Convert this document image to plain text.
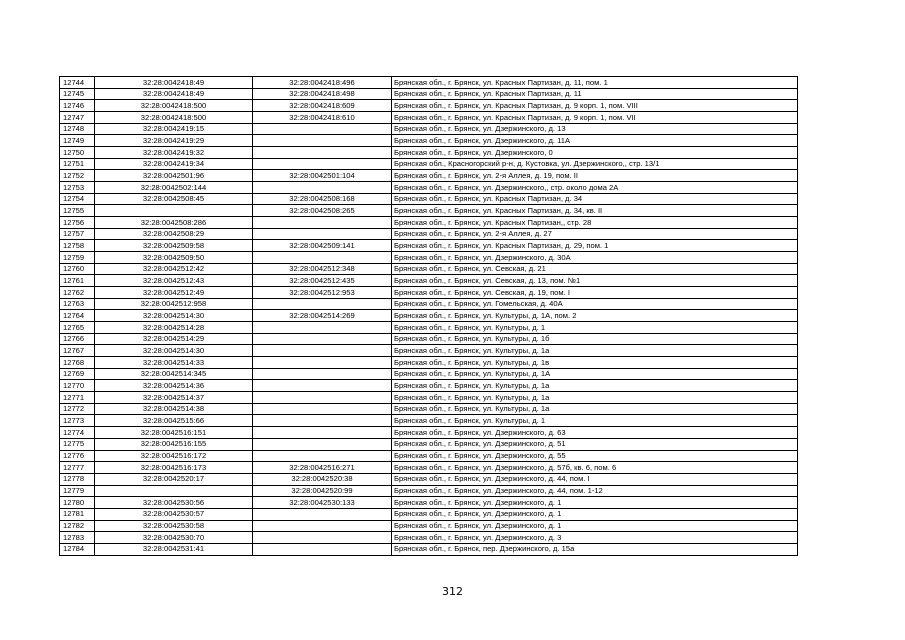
12744	32:28:0042418:49	32:28:0042418:496	Брянская обл., г. Брянск, ул. Красных Партизан, д. 11, пом. 1
12745	32:28:0042418:49	32:28:0042418:498	Брянская обл., г. Брянск, ул. Красных Партизан, д. 11
12746	32:28:0042418:500	32:28:0042418:609	Брянская обл., г. Брянск, ул. Красных Партизан, д. 9 корп. 1, пом. VIII
12747	32:28:0042418:500	32:28:0042418:610	Брянская обл., г. Брянск, ул. Красных Партизан, д. 9 корп. 1, пом. VII
12748	32:28:0042419:15		Брянская обл., г. Брянск, ул. Дзержинского, д. 13
12749	32:28:0042419:29		Брянская обл., г. Брянск, ул. Дзержинского, д. 11А
12750	32:28:0042419:32		Брянская обл., г. Брянск, ул. Дзержинского, 0
12751	32:28:0042419:34		Брянская обл., Красногорский р-н, д. Кустовка, ул. Дзержинского,, стр. 13/1
12752	32:28:0042501:96	32:28:0042501:104	Брянская обл., г. Брянск, ул. 2-я Аллея, д. 19, пом. II
12753	32:28:0042502:144		Брянская обл., г. Брянск, ул. Дзержинского,, стр. около дома 2А
12754	32:28:0042508:45	32:28:0042508:168	Брянская обл., г. Брянск, ул. Красных Партизан, д. 34
12755		32:28:0042508:265	Брянская обл., г. Брянск, ул. Красных Партизан, д. 34, кв. II
12756	32:28:0042508:286		Брянская обл., г. Брянск, ул. Красных Партизан,, стр. 28
12757	32:28:0042508:29		Брянская обл., г. Брянск, ул. 2-я Аллея, д. 27
12758	32:28:0042509:58	32:28:0042509:141	Брянская обл., г. Брянск, ул. Красных Партизан, д. 29, пом. 1
12759	32:28:0042509:50		Брянская обл., г. Брянск, ул. Дзержинского, д. 30А
12760	32:28:0042512:42	32:28:0042512:348	Брянская обл., г. Брянск, ул. Севская, д. 21
12761	32:28:0042512:43	32:28:0042512:435	Брянская обл., г. Брянск, ул. Севская, д. 13, пом. №1
12762	32:28:0042512:49	32:28:0042512:953	Брянская обл., г. Брянск, ул. Севская, д. 19, пом. I
12763	32:28:0042512:958		Брянская обл., г. Брянск, ул. Гомельская, д. 40А
12764	32:28:0042514:30	32:28:0042514:269	Брянская обл., г. Брянск, ул. Культуры, д. 1А, пом. 2
12765	32:28:0042514:28		Брянская обл., г. Брянск, ул. Культуры, д. 1
12766	32:28:0042514:29		Брянская обл., г. Брянск, ул. Культуры, д. 1б
12767	32:28:0042514:30		Брянская обл., г. Брянск, ул. Культуры, д. 1а
12768	32:28:0042514:33		Брянская обл., г. Брянск, ул. Культуры, д. 1в
12769	32:28:0042514:345		Брянская обл., г. Брянск, ул. Культуры, д. 1А
12770	32:28:0042514:36		Брянская обл., г. Брянск, ул. Культуры, д. 1а
12771	32:28:0042514:37		Брянская обл., г. Брянск, ул. Культуры, д. 1а
12772	32:28:0042514:38		Брянская обл., г. Брянск, ул. Культуры, д. 1а
12773	32:28:0042515:66		Брянская обл., г. Брянск, ул. Культуры, д. 1
12774	32:28:0042516:151		Брянская обл., г. Брянск, ул. Дзержинского, д. 63
12775	32:28:0042516:155		Брянская обл., г. Брянск, ул. Дзержинского, д. 51
12776	32:28:0042516:172		Брянская обл., г. Брянск, ул. Дзержинского, д. 55
12777	32:28:0042516:173	32:28:0042516:271	Брянская обл., г. Брянск, ул. Дзержинского, д. 57б, кв. 6, пом. 6
12778	32:28:0042520:17	32:28:0042520:38	Брянская обл., г. Брянск, ул. Дзержинского, д. 44, пом. I
12779		32:28:0042520:99	Брянская обл., г. Брянск, ул. Дзержинского, д. 44, пом. 1-12
12780	32:28:0042530:56	32:28:0042530:133	Брянская обл., г. Брянск, ул. Дзержинского, д. 1
12781	32:28:0042530:57		Брянская обл., г. Брянск, ул. Дзержинского, д. 1
12782	32:28:0042530:58		Брянская обл., г. Брянск, ул. Дзержинского, д. 1
12783	32:28:0042530:70		Брянская обл., г. Брянск, ул. Дзержинского, д. 3
12784	32:28:0042531:41		Брянская обл., г. Брянск, пер. Дзержинского, д. 15а
312
